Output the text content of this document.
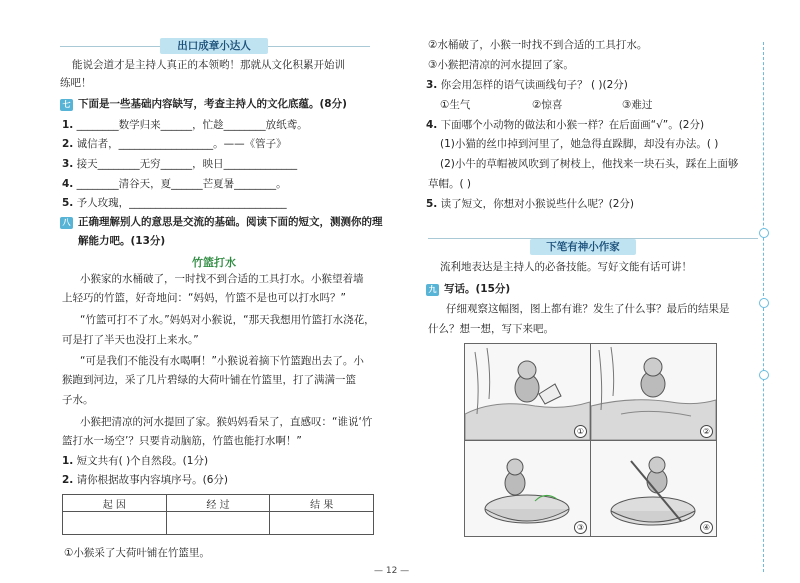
出口成章小达人
能说会道才是主持人真正的本领哟！那就从文化积累开始训
练吧！
七 下面是一些基础内容缺写，考查主持人的文化底蕴。(8分)
1. ________数学归来______，忙趁________放纸鸢。
2. 诚信者，__________________。——《管子》
3. 接天________无穷______，映日______________
4. ________清谷天，夏______芒夏暑________。
5. 予人玫瑰，______________________________
八 正确理解别人的意思是交流的基础。阅读下面的短文，测测你的理
解能力吧。(13分)
竹篮打水
小猴家的水桶破了，一时找不到合适的工具打水。小猴望着墙
上轻巧的竹篮，好奇地问：“妈妈，竹篮不是也可以打水吗？”
“竹篮可打不了水。”妈妈对小猴说，“那天我想用竹篮打水浇花，
可是打了半天也没打上来水。”
“可是我们不能没有水喝啊！”小猴说着摘下竹篮跑出去了。小
猴跑到河边，采了几片碧绿的大荷叶铺在竹篮里，打了满满一篮
子水。
小猴把清凉的河水提回了家。猴妈妈看呆了，直感叹：“谁说‘竹
篮打水一场空’？只要肯动脑筋，竹篮也能打水啊！”
1. 短文共有( )个自然段。(1分)
2. 请你根据故事内容填序号。(6分)
起 因	经 过	结 果

①小猴采了大荷叶铺在竹篮里。
②水桶破了，小猴一时找不到合适的工具打水。
③小猴把清凉的河水提回了家。
3. 你会用怎样的语气读画线句子？ ( )(2分)
①生气	②惊喜	③难过
4. 下面哪个小动物的做法和小猴一样？在后面画“√”。(2分)
(1)小猫的丝巾掉到河里了，她急得直跺脚，却没有办法。( )
(2)小牛的草帽被风吹到了树枝上，他找来一块石头，踩在上面够
草帽。( )
5. 读了短文，你想对小猴说些什么呢？(2分)
下笔有神小作家
流利地表达是主持人的必备技能。写好文能有话可讲！
九 写话。(15分)
仔细观察这幅图，图上都有谁？发生了什么事？最后的结果是
什么？想一想，写下来吧。
①	②
③	④
— 12 —
